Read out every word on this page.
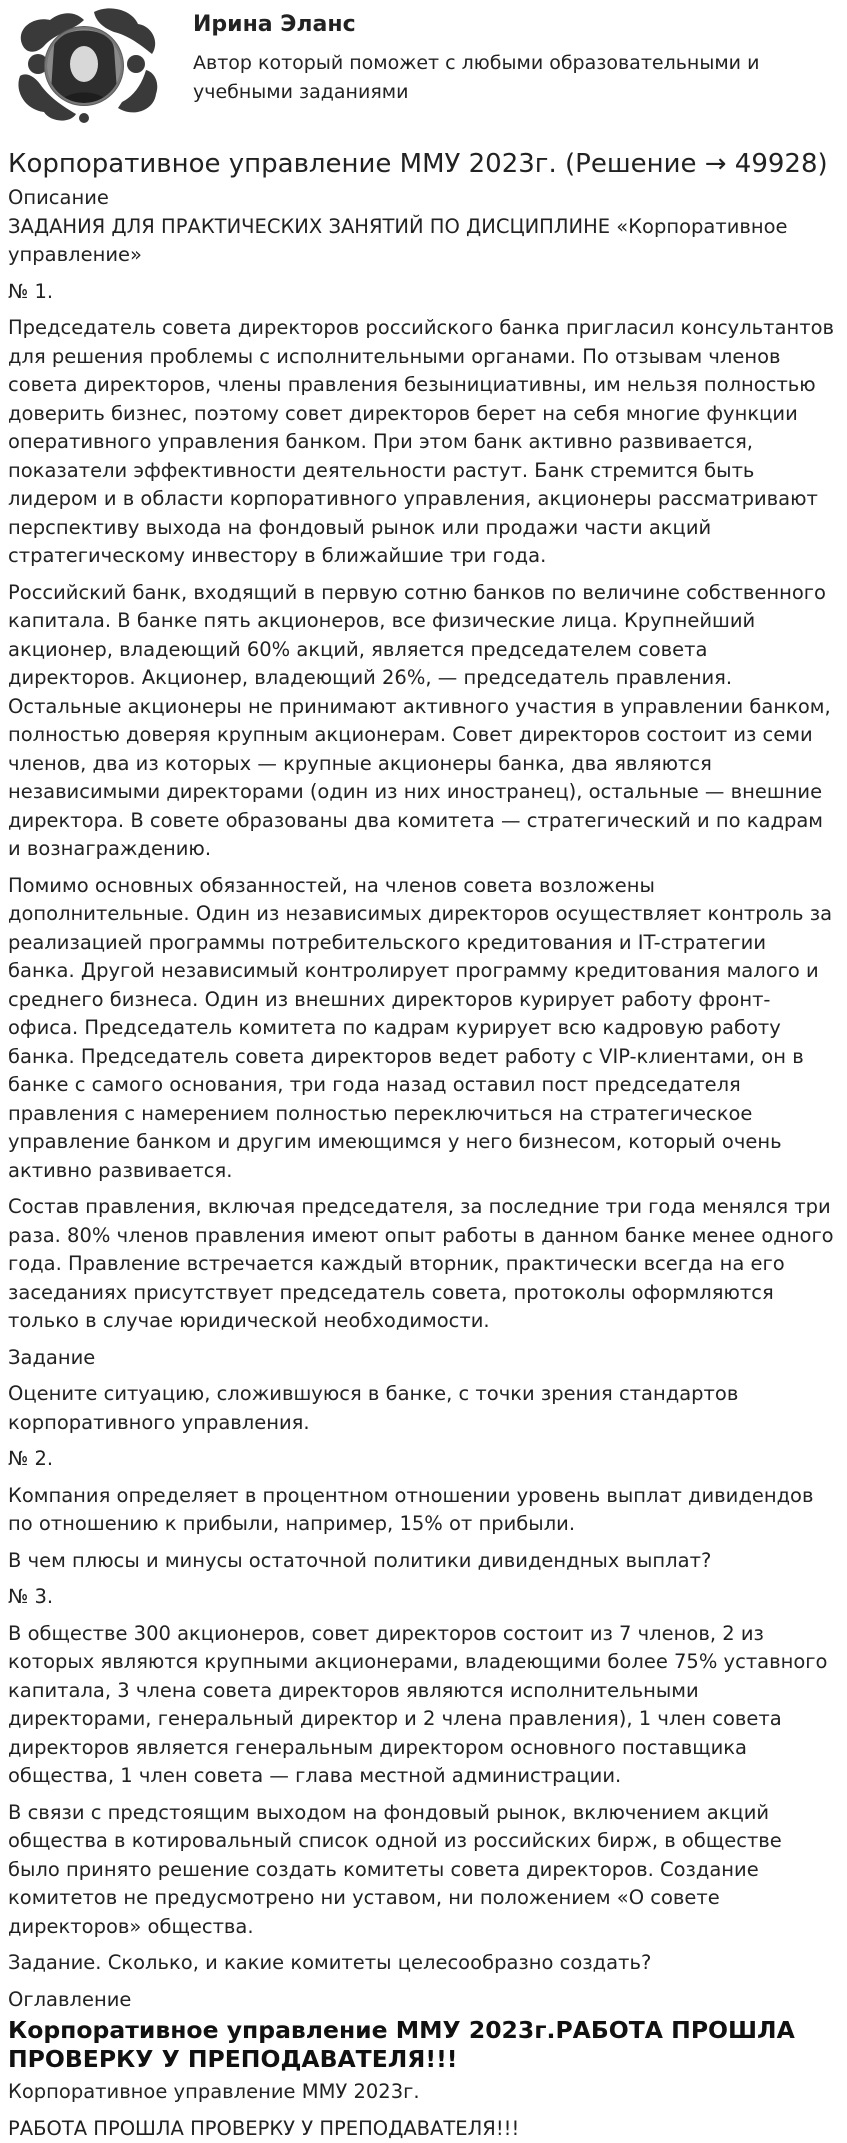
Ирина Эланс
Автор который поможет с любыми образовательными и учебными заданиями
Корпоративное управление ММУ 2023г. (Решение → 49928)
Описание

ЗАДАНИЯ ДЛЯ ПРАКТИЧЕСКИХ ЗАНЯТИЙ ПО ДИСЦИПЛИНЕ «Корпоративное управление»

№ 1.

Председатель совета директоров российского банка пригласил консультантов для решения проблемы с исполнительными органами. По отзывам членов совета директоров, члены правления безынициативны, им нельзя полностью доверить бизнес, поэтому совет директоров берет на себя многие функции оперативного управления банком. При этом банк активно развивается, показатели эффективности деятельности растут. Банк стремится быть лидером и в области корпоративного управления, акционеры рассматривают перспективу выхода на фондовый рынок или продажи части акций стратегическому инвестору в ближайшие три года.

Российский банк, входящий в первую сотню банков по величине собственного капитала. В банке пять акционеров, все физические лица. Крупнейший акционер, владеющий 60% акций, является председателем совета директоров. Акционер, владеющий 26%, — председатель правления. Остальные акционеры не принимают активного участия в управлении банком, полностью доверяя крупным акционерам. Совет директоров состоит из семи членов, два из которых — крупные акционеры банка, два являются независимыми директорами (один из них иностранец), остальные — внешние директора. В совете образованы два комитета — стратегический и по кадрам и вознаграждению.

Помимо основных обязанностей, на членов совета возложены дополнительные. Один из независимых директоров осуществляет контроль за реализацией программы потребительского кредитования и IT-стратегии банка. Другой независимый контролирует программу кредитования малого и среднего бизнеса. Один из внешних директоров курирует работу фронт-офиса. Председатель комитета по кадрам курирует всю кадровую работу банка. Председатель совета директоров ведет работу с VIP-клиентами, он в банке с самого основания, три года назад оставил пост председателя правления с намерением полностью переключиться на стратегическое управление банком и другим имеющимся у него бизнесом, который очень активно развивается.

Состав правления, включая председателя, за последние три года менялся три раза. 80% членов правления имеют опыт работы в данном банке менее одного года. Правление встречается каждый вторник, практически всегда на его заседаниях присутствует председатель совета, протоколы оформляются только в случае юридической необходимости.

Задание

Оцените ситуацию, сложившуюся в банке, с точки зрения стандартов корпоративного управления.

№ 2.

Компания определяет в процентном отношении уровень выплат дивидендов по отношению к прибыли, например, 15% от прибыли.

В чем плюсы и минусы остаточной политики дивидендных выплат?

№ 3.

В обществе 300 акционеров, совет директоров состоит из 7 членов, 2 из которых являются крупными акционерами, владеющими более 75% уставного капитала, 3 члена совета директоров являются исполнительными директорами, генеральный директор и 2 члена правления), 1 член совета директоров является генеральным директором основного поставщика общества, 1 член совета — глава местной администрации.

В связи с предстоящим выходом на фондовый рынок, включением акций общества в котировальный список одной из российских бирж, в обществе было принято решение создать комитеты совета директоров. Создание комитетов не предусмотрено ни уставом, ни положением «О совете директоров» общества.

Задание. Сколько, и какие комитеты целесообразно создать?

Оглавление
Корпоративное управление ММУ 2023г.РАБОТА ПРОШЛА ПРОВЕРКУ У ПРЕПОДАВАТЕЛЯ!!!

Корпоративное управление ММУ 2023г.

РАБОТА ПРОШЛА ПРОВЕРКУ У ПРЕПОДАВАТЕЛЯ!!!
